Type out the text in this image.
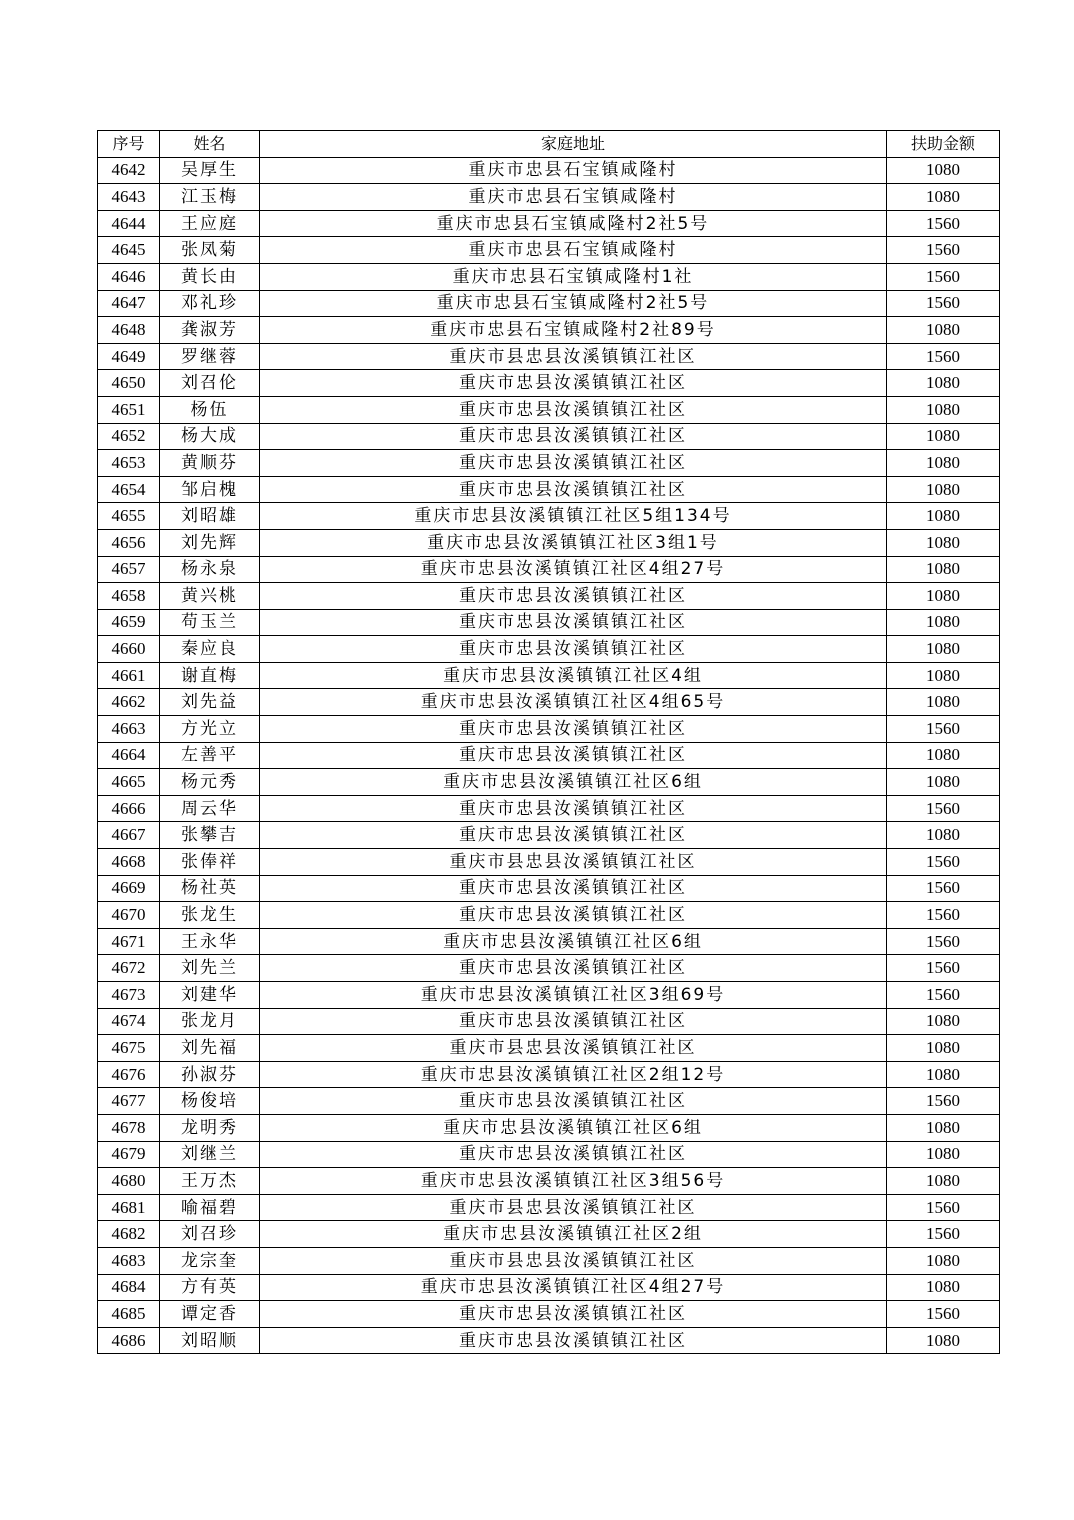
序号	姓名	家庭地址	扶助金额
4642	吴厚生	重庆市忠县石宝镇咸隆村	1080
4643	江玉梅	重庆市忠县石宝镇咸隆村	1080
4644	王应庭	重庆市忠县石宝镇咸隆村2社5号	1560
4645	张凤菊	重庆市忠县石宝镇咸隆村	1560
4646	黄长由	重庆市忠县石宝镇咸隆村1社	1560
4647	邓礼珍	重庆市忠县石宝镇咸隆村2社5号	1560
4648	龚淑芳	重庆市忠县石宝镇咸隆村2社89号	1080
4649	罗继蓉	重庆市县忠县汝溪镇镇江社区	1560
4650	刘召伦	重庆市忠县汝溪镇镇江社区	1080
4651	杨伍	重庆市忠县汝溪镇镇江社区	1080
4652	杨大成	重庆市忠县汝溪镇镇江社区	1080
4653	黄顺芬	重庆市忠县汝溪镇镇江社区	1080
4654	邹启槐	重庆市忠县汝溪镇镇江社区	1080
4655	刘昭雄	重庆市忠县汝溪镇镇江社区5组134号	1080
4656	刘先辉	重庆市忠县汝溪镇镇江社区3组1号	1080
4657	杨永泉	重庆市忠县汝溪镇镇江社区4组27号	1080
4658	黄兴桃	重庆市忠县汝溪镇镇江社区	1080
4659	苟玉兰	重庆市忠县汝溪镇镇江社区	1080
4660	秦应良	重庆市忠县汝溪镇镇江社区	1080
4661	谢直梅	重庆市忠县汝溪镇镇江社区4组	1080
4662	刘先益	重庆市忠县汝溪镇镇江社区4组65号	1080
4663	方光立	重庆市忠县汝溪镇镇江社区	1560
4664	左善平	重庆市忠县汝溪镇镇江社区	1080
4665	杨元秀	重庆市忠县汝溪镇镇江社区6组	1080
4666	周云华	重庆市忠县汝溪镇镇江社区	1560
4667	张攀吉	重庆市忠县汝溪镇镇江社区	1080
4668	张俸祥	重庆市县忠县汝溪镇镇江社区	1560
4669	杨社英	重庆市忠县汝溪镇镇江社区	1560
4670	张龙生	重庆市忠县汝溪镇镇江社区	1560
4671	王永华	重庆市忠县汝溪镇镇江社区6组	1560
4672	刘先兰	重庆市忠县汝溪镇镇江社区	1560
4673	刘建华	重庆市忠县汝溪镇镇江社区3组69号	1560
4674	张龙月	重庆市忠县汝溪镇镇江社区	1080
4675	刘先福	重庆市县忠县汝溪镇镇江社区	1080
4676	孙淑芬	重庆市忠县汝溪镇镇江社区2组12号	1080
4677	杨俊培	重庆市忠县汝溪镇镇江社区	1560
4678	龙明秀	重庆市忠县汝溪镇镇江社区6组	1080
4679	刘继兰	重庆市忠县汝溪镇镇江社区	1080
4680	王万杰	重庆市忠县汝溪镇镇江社区3组56号	1080
4681	喻福碧	重庆市县忠县汝溪镇镇江社区	1560
4682	刘召珍	重庆市忠县汝溪镇镇江社区2组	1560
4683	龙宗奎	重庆市县忠县汝溪镇镇江社区	1080
4684	方有英	重庆市忠县汝溪镇镇江社区4组27号	1080
4685	谭定香	重庆市忠县汝溪镇镇江社区	1560
4686	刘昭顺	重庆市忠县汝溪镇镇江社区	1080
